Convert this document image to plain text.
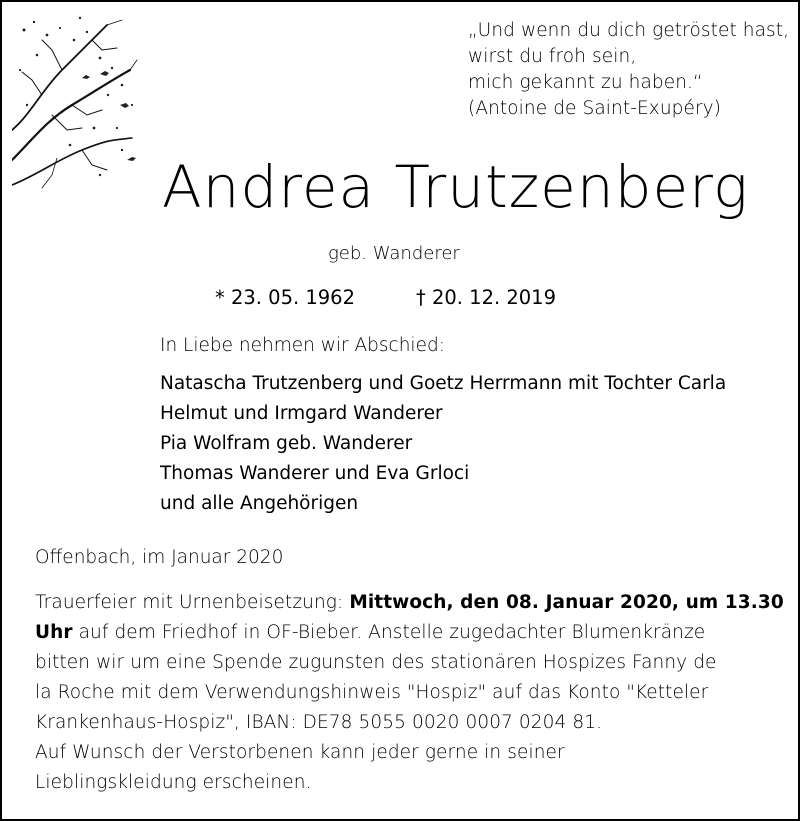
„Und wenn du dich getröstet hast,
wirst du froh sein,
mich gekannt zu haben.“
(Antoine de Saint-Exupéry)
Andrea Trutzenberg
geb. Wanderer
* 23. 05. 1962	† 20. 12. 2019
In Liebe nehmen wir Abschied:
Natascha Trutzenberg und Goetz Herrmann mit Tochter Carla
Helmut und Irmgard Wanderer
Pia Wolfram geb. Wanderer
Thomas Wanderer und Eva Grloci
und alle Angehörigen
Offenbach, im Januar 2020
Trauerfeier mit Urnenbeisetzung: Mittwoch, den 08. Januar 2020, um 13.30
Uhr auf dem Friedhof in OF-Bieber. Anstelle zugedachter Blumenkränze
bitten wir um eine Spende zugunsten des stationären Hospizes Fanny de
la Roche mit dem Verwendungshinweis "Hospiz" auf das Konto "Ketteler
Krankenhaus-Hospiz", IBAN: DE78 5055 0020 0007 0204 81.
Auf Wunsch der Verstorbenen kann jeder gerne in seiner
Lieblingskleidung erscheinen.
